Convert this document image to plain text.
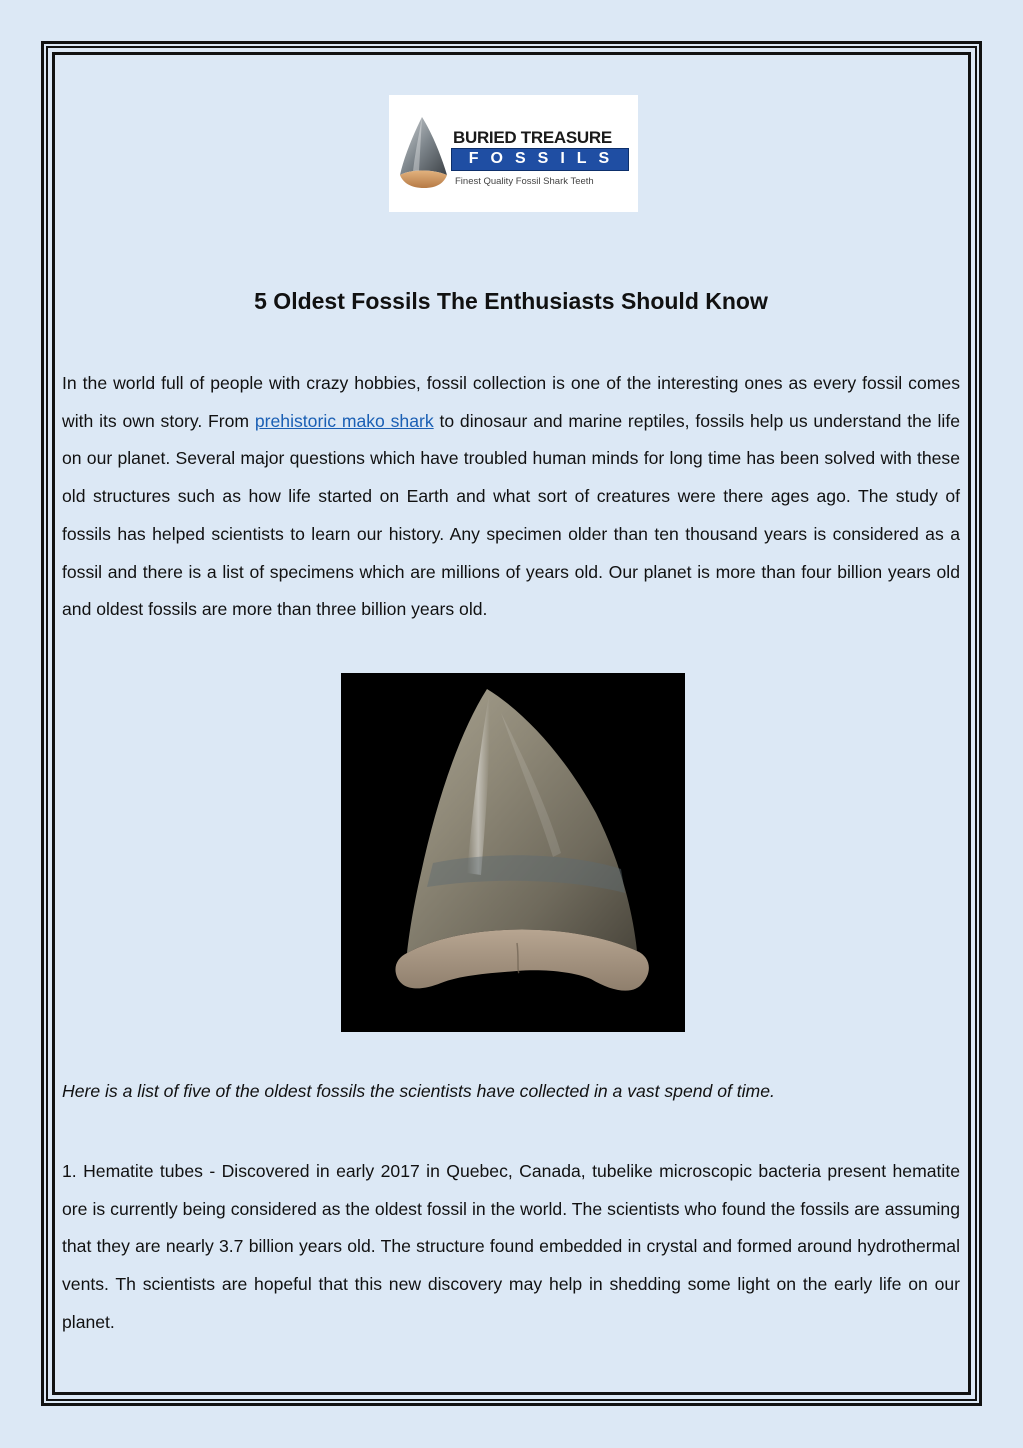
BURIED TREASURE
FOSSILS
Finest Quality Fossil Shark Teeth
5 Oldest Fossils The Enthusiasts Should Know

In the world full of people with crazy hobbies, fossil collection is one of the interesting ones as every fossil comes with its own story. From prehistoric mako shark to dinosaur and marine reptiles, fossils help us understand the life on our planet. Several major questions which have troubled human minds for long time has been solved with these old structures such as how life started on Earth and what sort of creatures were there ages ago. The study of fossils has helped scientists to learn our history. Any specimen older than ten thousand years is considered as a fossil and there is a list of specimens which are millions of years old. Our planet is more than four billion years old and oldest fossils are more than three billion years old.

Here is a list of five of the oldest fossils the scientists have collected in a vast spend of time.

1. Hematite tubes - Discovered in early 2017 in Quebec, Canada, tubelike microscopic bacteria present hematite ore is currently being considered as the oldest fossil in the world. The scientists who found the fossils are assuming that they are nearly 3.7 billion years old. The structure found embedded in crystal and formed around hydrothermal vents. Th scientists are hopeful that this new discovery may help in shedding some light on the early life on our planet.
